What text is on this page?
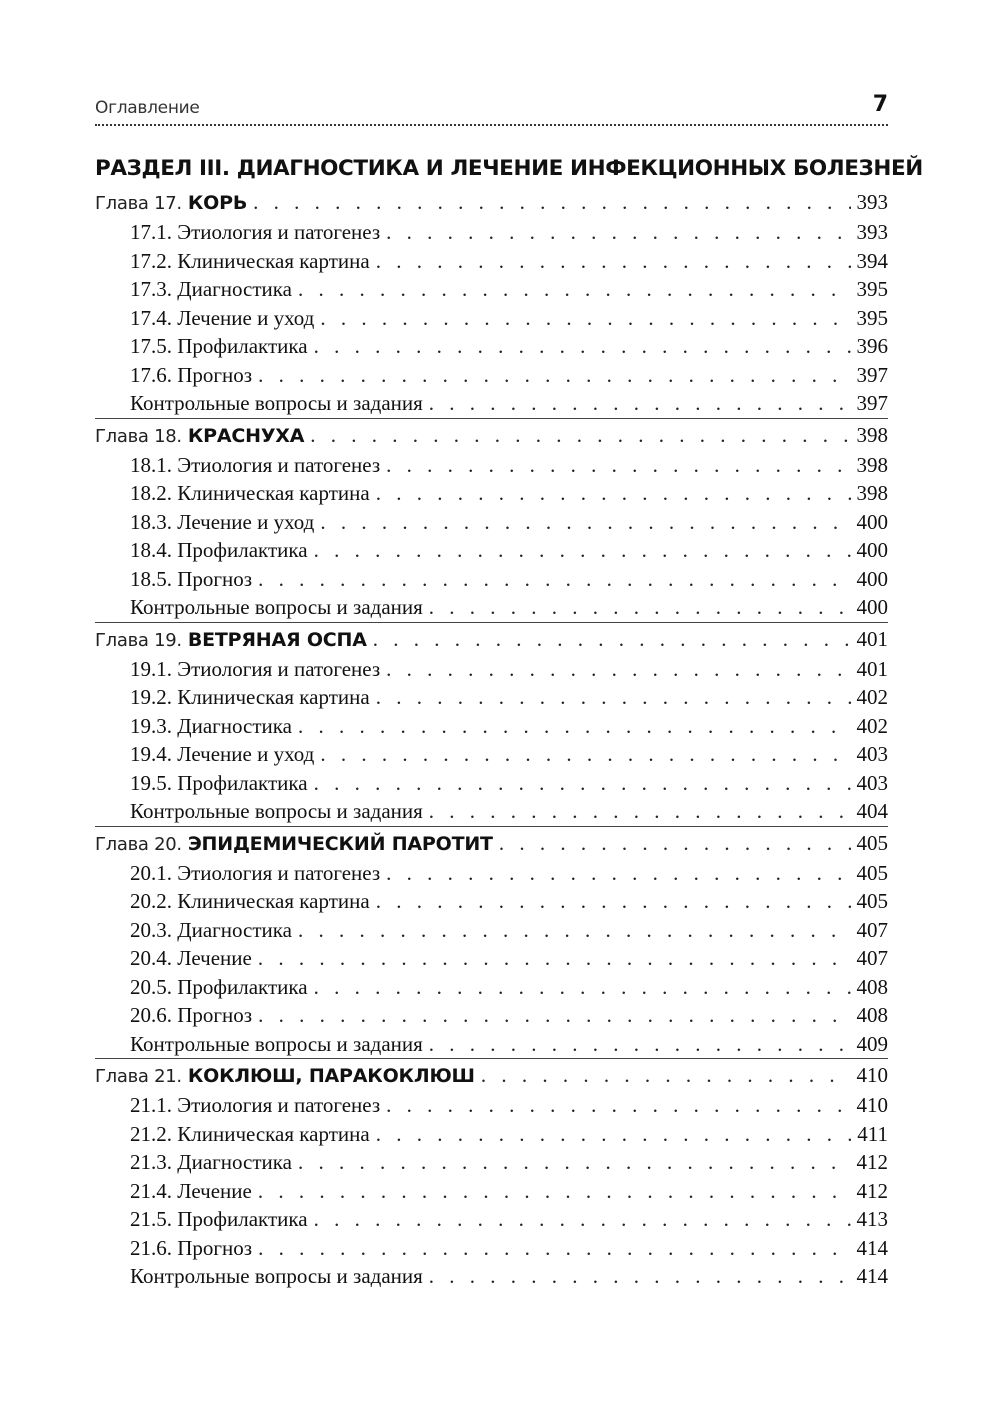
Оглавление	7
РАЗДЕЛ III. ДИАГНОСТИКА И ЛЕЧЕНИЕ ИНФЕКЦИОННЫХ БОЛЕЗНЕЙ
Глава 17. КОРЬ . . .	393
17.1. Этиология и патогенез . . .	393
17.2. Клиническая картина . . .	394
17.3. Диагностика . . .	395
17.4. Лечение и уход . . .	395
17.5. Профилактика . . .	396
17.6. Прогноз . . .	397
Контрольные вопросы и задания . . .	397
Глава 18. КРАСНУХА . . .	398
18.1. Этиология и патогенез . . .	398
18.2. Клиническая картина . . .	398
18.3. Лечение и уход . . .	400
18.4. Профилактика . . .	400
18.5. Прогноз . . .	400
Контрольные вопросы и задания . . .	400
Глава 19. ВЕТРЯНАЯ ОСПА . . .	401
19.1. Этиология и патогенез . . .	401
19.2. Клиническая картина . . .	402
19.3. Диагностика . . .	402
19.4. Лечение и уход . . .	403
19.5. Профилактика . . .	403
Контрольные вопросы и задания . . .	404
Глава 20. ЭПИДЕМИЧЕСКИЙ ПАРОТИТ . . .	405
20.1. Этиология и патогенез . . .	405
20.2. Клиническая картина . . .	405
20.3. Диагностика . . .	407
20.4. Лечение . . .	407
20.5. Профилактика . . .	408
20.6. Прогноз . . .	408
Контрольные вопросы и задания . . .	409
Глава 21. КОКЛЮШ, ПАРАКОКЛЮШ . . .	410
21.1. Этиология и патогенез . . .	410
21.2. Клиническая картина . . .	411
21.3. Диагностика . . .	412
21.4. Лечение . . .	412
21.5. Профилактика . . .	413
21.6. Прогноз . . .	414
Контрольные вопросы и задания . . .	414
